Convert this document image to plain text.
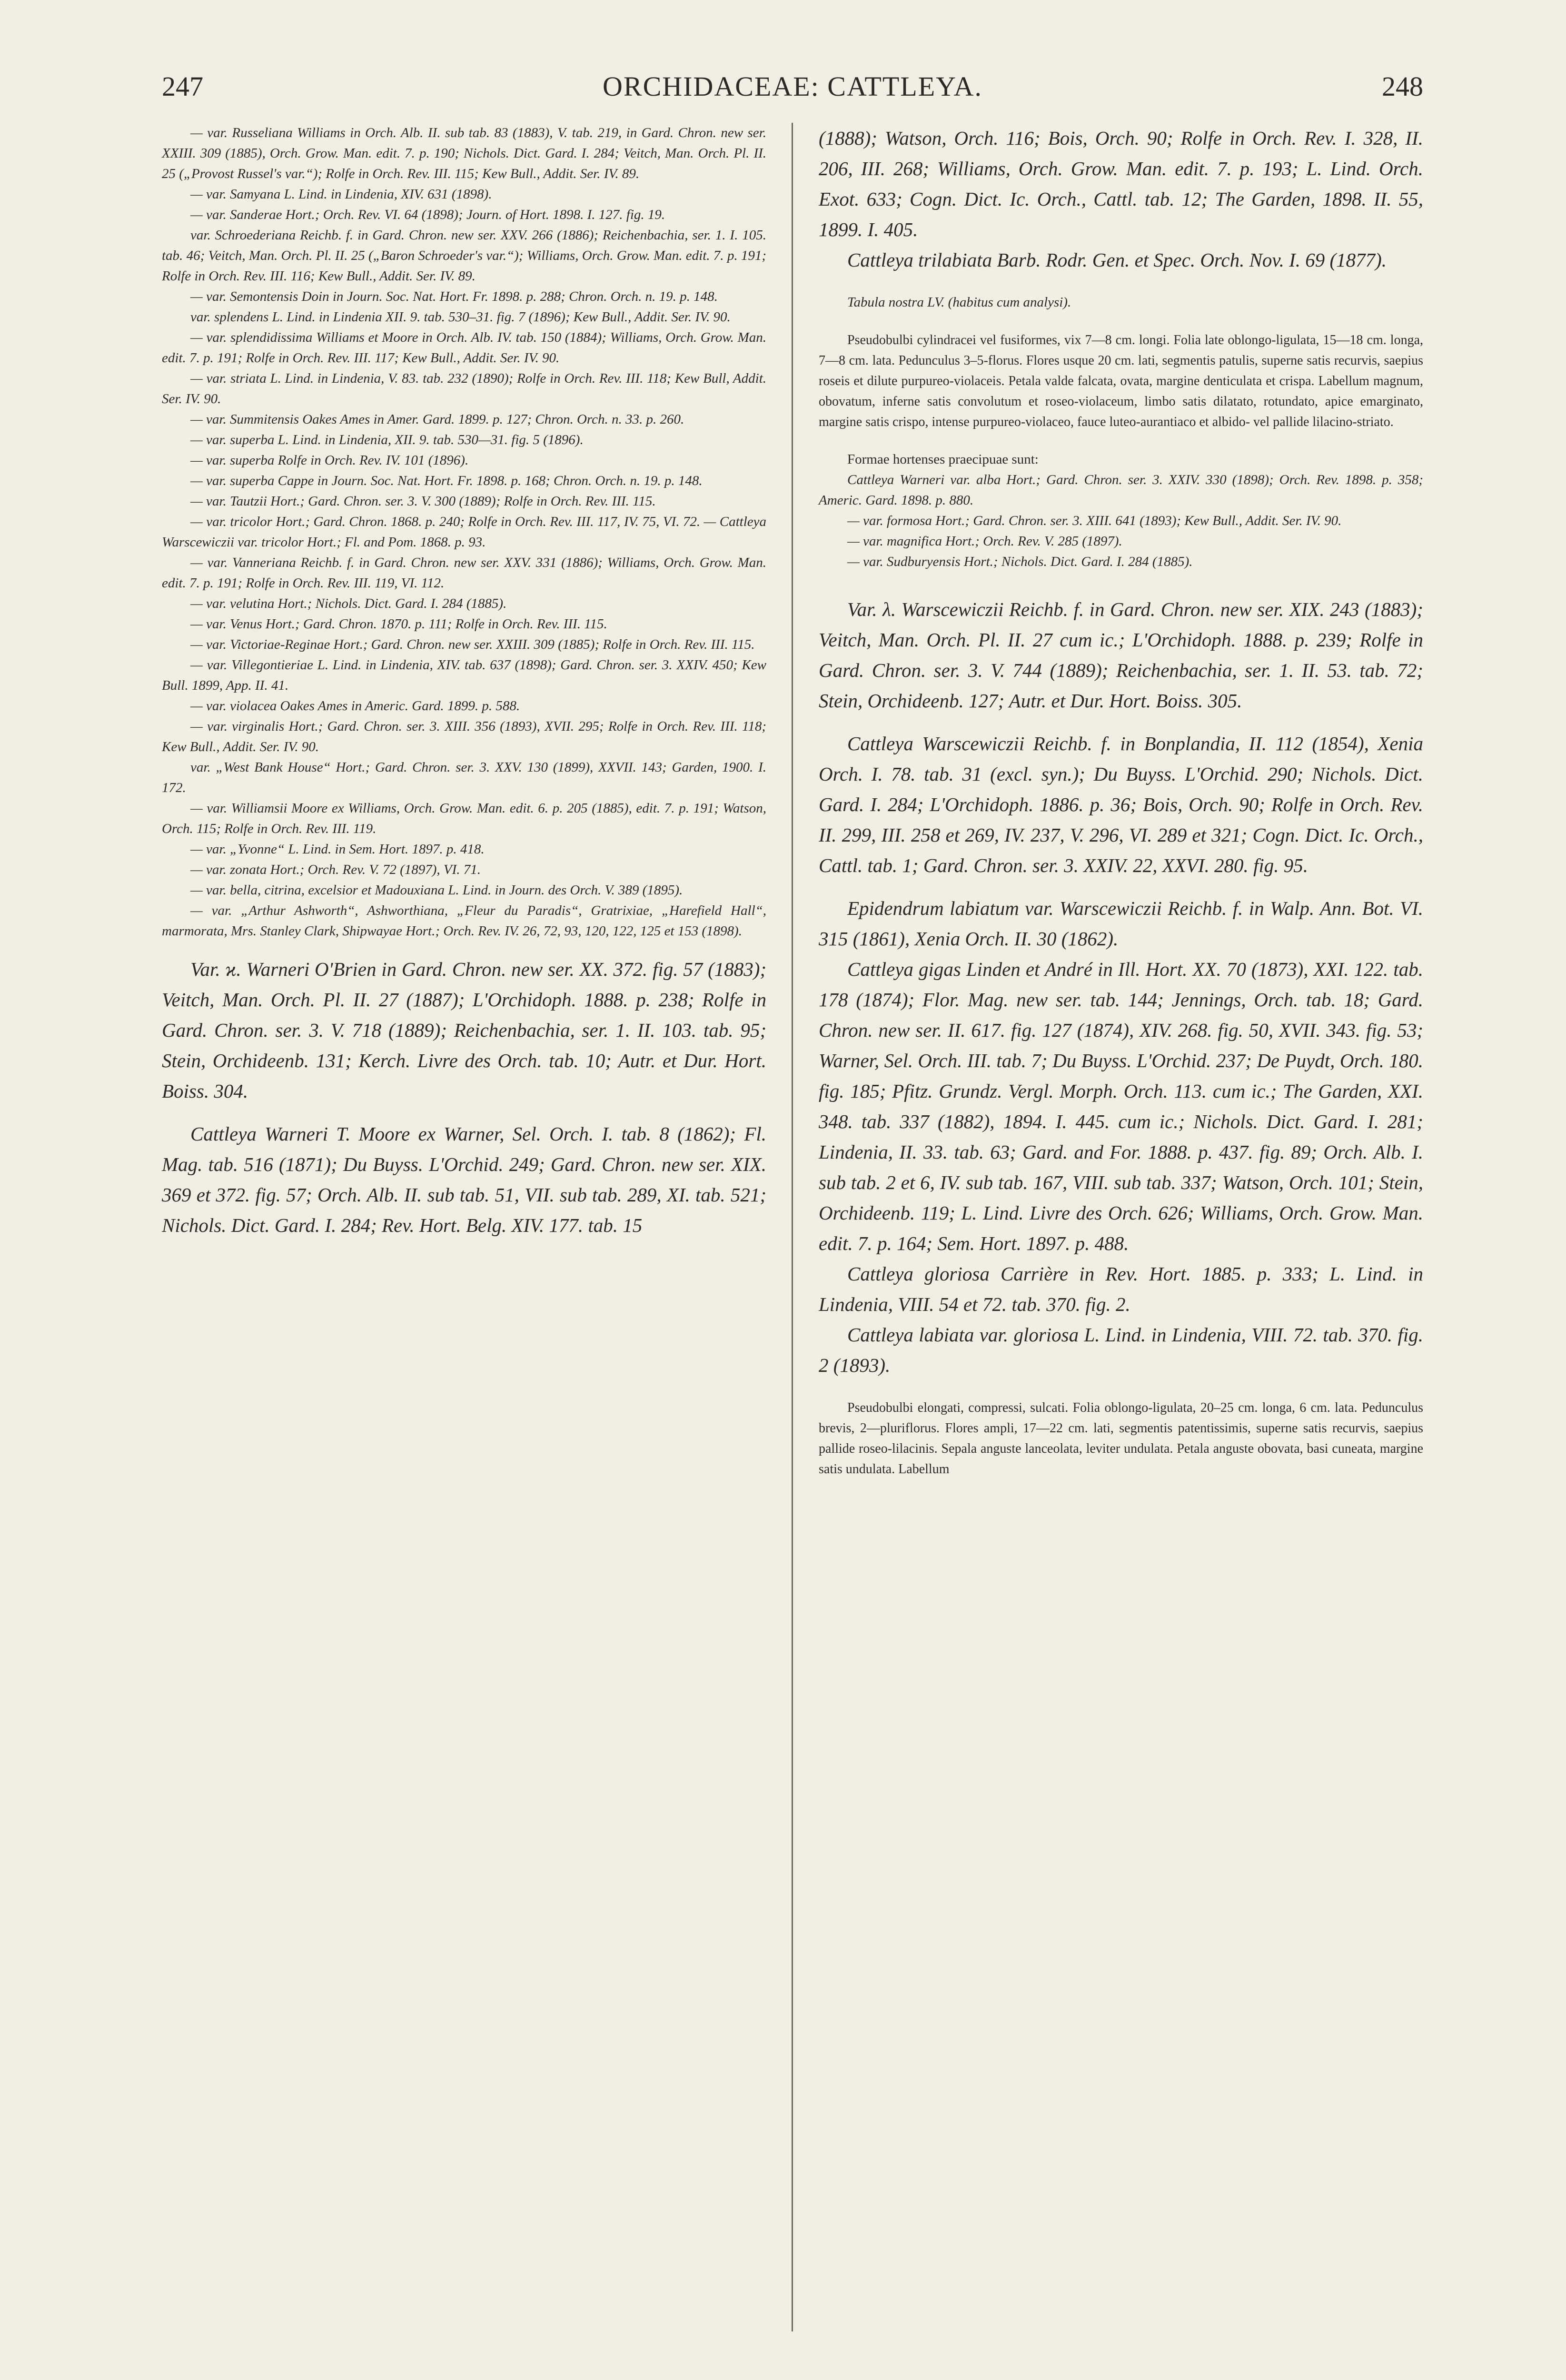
247	ORCHIDACEAE: CATTLEYA.	248

— var. Russeliana Williams in Orch. Alb. II. sub tab. 83 (1883), V. tab. 219, in Gard. Chron. new ser. XXIII. 309 (1885), Orch. Grow. Man. edit. 7. p. 190; Nichols. Dict. Gard. I. 284; Veitch, Man. Orch. Pl. II. 25 („Provost Russel's var.“); Rolfe in Orch. Rev. III. 115; Kew Bull., Addit. Ser. IV. 89.

— var. Samyana L. Lind. in Lindenia, XIV. 631 (1898).

— var. Sanderae Hort.; Orch. Rev. VI. 64 (1898); Journ. of Hort. 1898. I. 127. fig. 19.

var. Schroederiana Reichb. f. in Gard. Chron. new ser. XXV. 266 (1886); Reichenbachia, ser. 1. I. 105. tab. 46; Veitch, Man. Orch. Pl. II. 25 („Baron Schroeder's var.“); Williams, Orch. Grow. Man. edit. 7. p. 191; Rolfe in Orch. Rev. III. 116; Kew Bull., Addit. Ser. IV. 89.

— var. Semontensis Doin in Journ. Soc. Nat. Hort. Fr. 1898. p. 288; Chron. Orch. n. 19. p. 148.

var. splendens L. Lind. in Lindenia XII. 9. tab. 530–31. fig. 7 (1896); Kew Bull., Addit. Ser. IV. 90.

— var. splendidissima Williams et Moore in Orch. Alb. IV. tab. 150 (1884); Williams, Orch. Grow. Man. edit. 7. p. 191; Rolfe in Orch. Rev. III. 117; Kew Bull., Addit. Ser. IV. 90.

— var. striata L. Lind. in Lindenia, V. 83. tab. 232 (1890); Rolfe in Orch. Rev. III. 118; Kew Bull, Addit. Ser. IV. 90.

— var. Summitensis Oakes Ames in Amer. Gard. 1899. p. 127; Chron. Orch. n. 33. p. 260.

— var. superba L. Lind. in Lindenia, XII. 9. tab. 530—31. fig. 5 (1896).

— var. superba Rolfe in Orch. Rev. IV. 101 (1896).

— var. superba Cappe in Journ. Soc. Nat. Hort. Fr. 1898. p. 168; Chron. Orch. n. 19. p. 148.

— var. Tautzii Hort.; Gard. Chron. ser. 3. V. 300 (1889); Rolfe in Orch. Rev. III. 115.

— var. tricolor Hort.; Gard. Chron. 1868. p. 240; Rolfe in Orch. Rev. III. 117, IV. 75, VI. 72. — Cattleya Warscewiczii var. tricolor Hort.; Fl. and Pom. 1868. p. 93.

— var. Vanneriana Reichb. f. in Gard. Chron. new ser. XXV. 331 (1886); Williams, Orch. Grow. Man. edit. 7. p. 191; Rolfe in Orch. Rev. III. 119, VI. 112.

— var. velutina Hort.; Nichols. Dict. Gard. I. 284 (1885).

— var. Venus Hort.; Gard. Chron. 1870. p. 111; Rolfe in Orch. Rev. III. 115.

— var. Victoriae-Reginae Hort.; Gard. Chron. new ser. XXIII. 309 (1885); Rolfe in Orch. Rev. III. 115.

— var. Villegontieriae L. Lind. in Lindenia, XIV. tab. 637 (1898); Gard. Chron. ser. 3. XXIV. 450; Kew Bull. 1899, App. II. 41.

— var. violacea Oakes Ames in Americ. Gard. 1899. p. 588.

— var. virginalis Hort.; Gard. Chron. ser. 3. XIII. 356 (1893), XVII. 295; Rolfe in Orch. Rev. III. 118; Kew Bull., Addit. Ser. IV. 90.

var. „West Bank House“ Hort.; Gard. Chron. ser. 3. XXV. 130 (1899), XXVII. 143; Garden, 1900. I. 172.

— var. Williamsii Moore ex Williams, Orch. Grow. Man. edit. 6. p. 205 (1885), edit. 7. p. 191; Watson, Orch. 115; Rolfe in Orch. Rev. III. 119.

— var. „Yvonne“ L. Lind. in Sem. Hort. 1897. p. 418.

— var. zonata Hort.; Orch. Rev. V. 72 (1897), VI. 71.

— var. bella, citrina, excelsior et Madouxiana L. Lind. in Journ. des Orch. V. 389 (1895).

— var. „Arthur Ashworth“, Ashworthiana, „Fleur du Paradis“, Gratrixiae, „Harefield Hall“, marmorata, Mrs. Stanley Clark, Shipwayae Hort.; Orch. Rev. IV. 26, 72, 93, 120, 122, 125 et 153 (1898).

Var. ϰ. Warneri O'Brien in Gard. Chron. new ser. XX. 372. fig. 57 (1883); Veitch, Man. Orch. Pl. II. 27 (1887); L'Orchidoph. 1888. p. 238; Rolfe in Gard. Chron. ser. 3. V. 718 (1889); Reichenbachia, ser. 1. II. 103. tab. 95; Stein, Orchideenb. 131; Kerch. Livre des Orch. tab. 10; Autr. et Dur. Hort. Boiss. 304.

Cattleya Warneri T. Moore ex Warner, Sel. Orch. I. tab. 8 (1862); Fl. Mag. tab. 516 (1871); Du Buyss. L'Orchid. 249; Gard. Chron. new ser. XIX. 369 et 372. fig. 57; Orch. Alb. II. sub tab. 51, VII. sub tab. 289, XI. tab. 521; Nichols. Dict. Gard. I. 284; Rev. Hort. Belg. XIV. 177. tab. 15

(1888); Watson, Orch. 116; Bois, Orch. 90; Rolfe in Orch. Rev. I. 328, II. 206, III. 268; Williams, Orch. Grow. Man. edit. 7. p. 193; L. Lind. Orch. Exot. 633; Cogn. Dict. Ic. Orch., Cattl. tab. 12; The Garden, 1898. II. 55, 1899. I. 405.

Cattleya trilabiata Barb. Rodr. Gen. et Spec. Orch. Nov. I. 69 (1877).

Tabula nostra LV. (habitus cum analysi).

Pseudobulbi cylindracei vel fusiformes, vix 7—8 cm. longi. Folia late oblongo-ligulata, 15—18 cm. longa, 7—8 cm. lata. Pedunculus 3–5-florus. Flores usque 20 cm. lati, segmentis patulis, superne satis recurvis, saepius roseis et dilute purpureo-violaceis. Petala valde falcata, ovata, margine denticulata et crispa. Labellum magnum, obovatum, inferne satis convolutum et roseo-violaceum, limbo satis dilatato, rotundato, apice emarginato, margine satis crispo, intense purpureo-violaceo, fauce luteo-aurantiaco et albido- vel pallide lilacino-striato.

Formae hortenses praecipuae sunt:

Cattleya Warneri var. alba Hort.; Gard. Chron. ser. 3. XXIV. 330 (1898); Orch. Rev. 1898. p. 358; Americ. Gard. 1898. p. 880.

— var. formosa Hort.; Gard. Chron. ser. 3. XIII. 641 (1893); Kew Bull., Addit. Ser. IV. 90.

— var. magnifica Hort.; Orch. Rev. V. 285 (1897).

— var. Sudburyensis Hort.; Nichols. Dict. Gard. I. 284 (1885).

Var. λ. Warscewiczii Reichb. f. in Gard. Chron. new ser. XIX. 243 (1883); Veitch, Man. Orch. Pl. II. 27 cum ic.; L'Orchidoph. 1888. p. 239; Rolfe in Gard. Chron. ser. 3. V. 744 (1889); Reichenbachia, ser. 1. II. 53. tab. 72; Stein, Orchideenb. 127; Autr. et Dur. Hort. Boiss. 305.

Cattleya Warscewiczii Reichb. f. in Bonplandia, II. 112 (1854), Xenia Orch. I. 78. tab. 31 (excl. syn.); Du Buyss. L'Orchid. 290; Nichols. Dict. Gard. I. 284; L'Orchidoph. 1886. p. 36; Bois, Orch. 90; Rolfe in Orch. Rev. II. 299, III. 258 et 269, IV. 237, V. 296, VI. 289 et 321; Cogn. Dict. Ic. Orch., Cattl. tab. 1; Gard. Chron. ser. 3. XXIV. 22, XXVI. 280. fig. 95.

Epidendrum labiatum var. Warscewiczii Reichb. f. in Walp. Ann. Bot. VI. 315 (1861), Xenia Orch. II. 30 (1862).

Cattleya gigas Linden et André in Ill. Hort. XX. 70 (1873), XXI. 122. tab. 178 (1874); Flor. Mag. new ser. tab. 144; Jennings, Orch. tab. 18; Gard. Chron. new ser. II. 617. fig. 127 (1874), XIV. 268. fig. 50, XVII. 343. fig. 53; Warner, Sel. Orch. III. tab. 7; Du Buyss. L'Orchid. 237; De Puydt, Orch. 180. fig. 185; Pfitz. Grundz. Vergl. Morph. Orch. 113. cum ic.; The Garden, XXI. 348. tab. 337 (1882), 1894. I. 445. cum ic.; Nichols. Dict. Gard. I. 281; Lindenia, II. 33. tab. 63; Gard. and For. 1888. p. 437. fig. 89; Orch. Alb. I. sub tab. 2 et 6, IV. sub tab. 167, VIII. sub tab. 337; Watson, Orch. 101; Stein, Orchideenb. 119; L. Lind. Livre des Orch. 626; Williams, Orch. Grow. Man. edit. 7. p. 164; Sem. Hort. 1897. p. 488.

Cattleya gloriosa Carrière in Rev. Hort. 1885. p. 333; L. Lind. in Lindenia, VIII. 54 et 72. tab. 370. fig. 2.

Cattleya labiata var. gloriosa L. Lind. in Lindenia, VIII. 72. tab. 370. fig. 2 (1893).

Pseudobulbi elongati, compressi, sulcati. Folia oblongo-ligulata, 20–25 cm. longa, 6 cm. lata. Pedunculus brevis, 2—pluriflorus. Flores ampli, 17—22 cm. lati, segmentis patentissimis, superne satis recurvis, saepius pallide roseo-lilacinis. Sepala anguste lanceolata, leviter undulata. Petala anguste obovata, basi cuneata, margine satis undulata. Labellum
